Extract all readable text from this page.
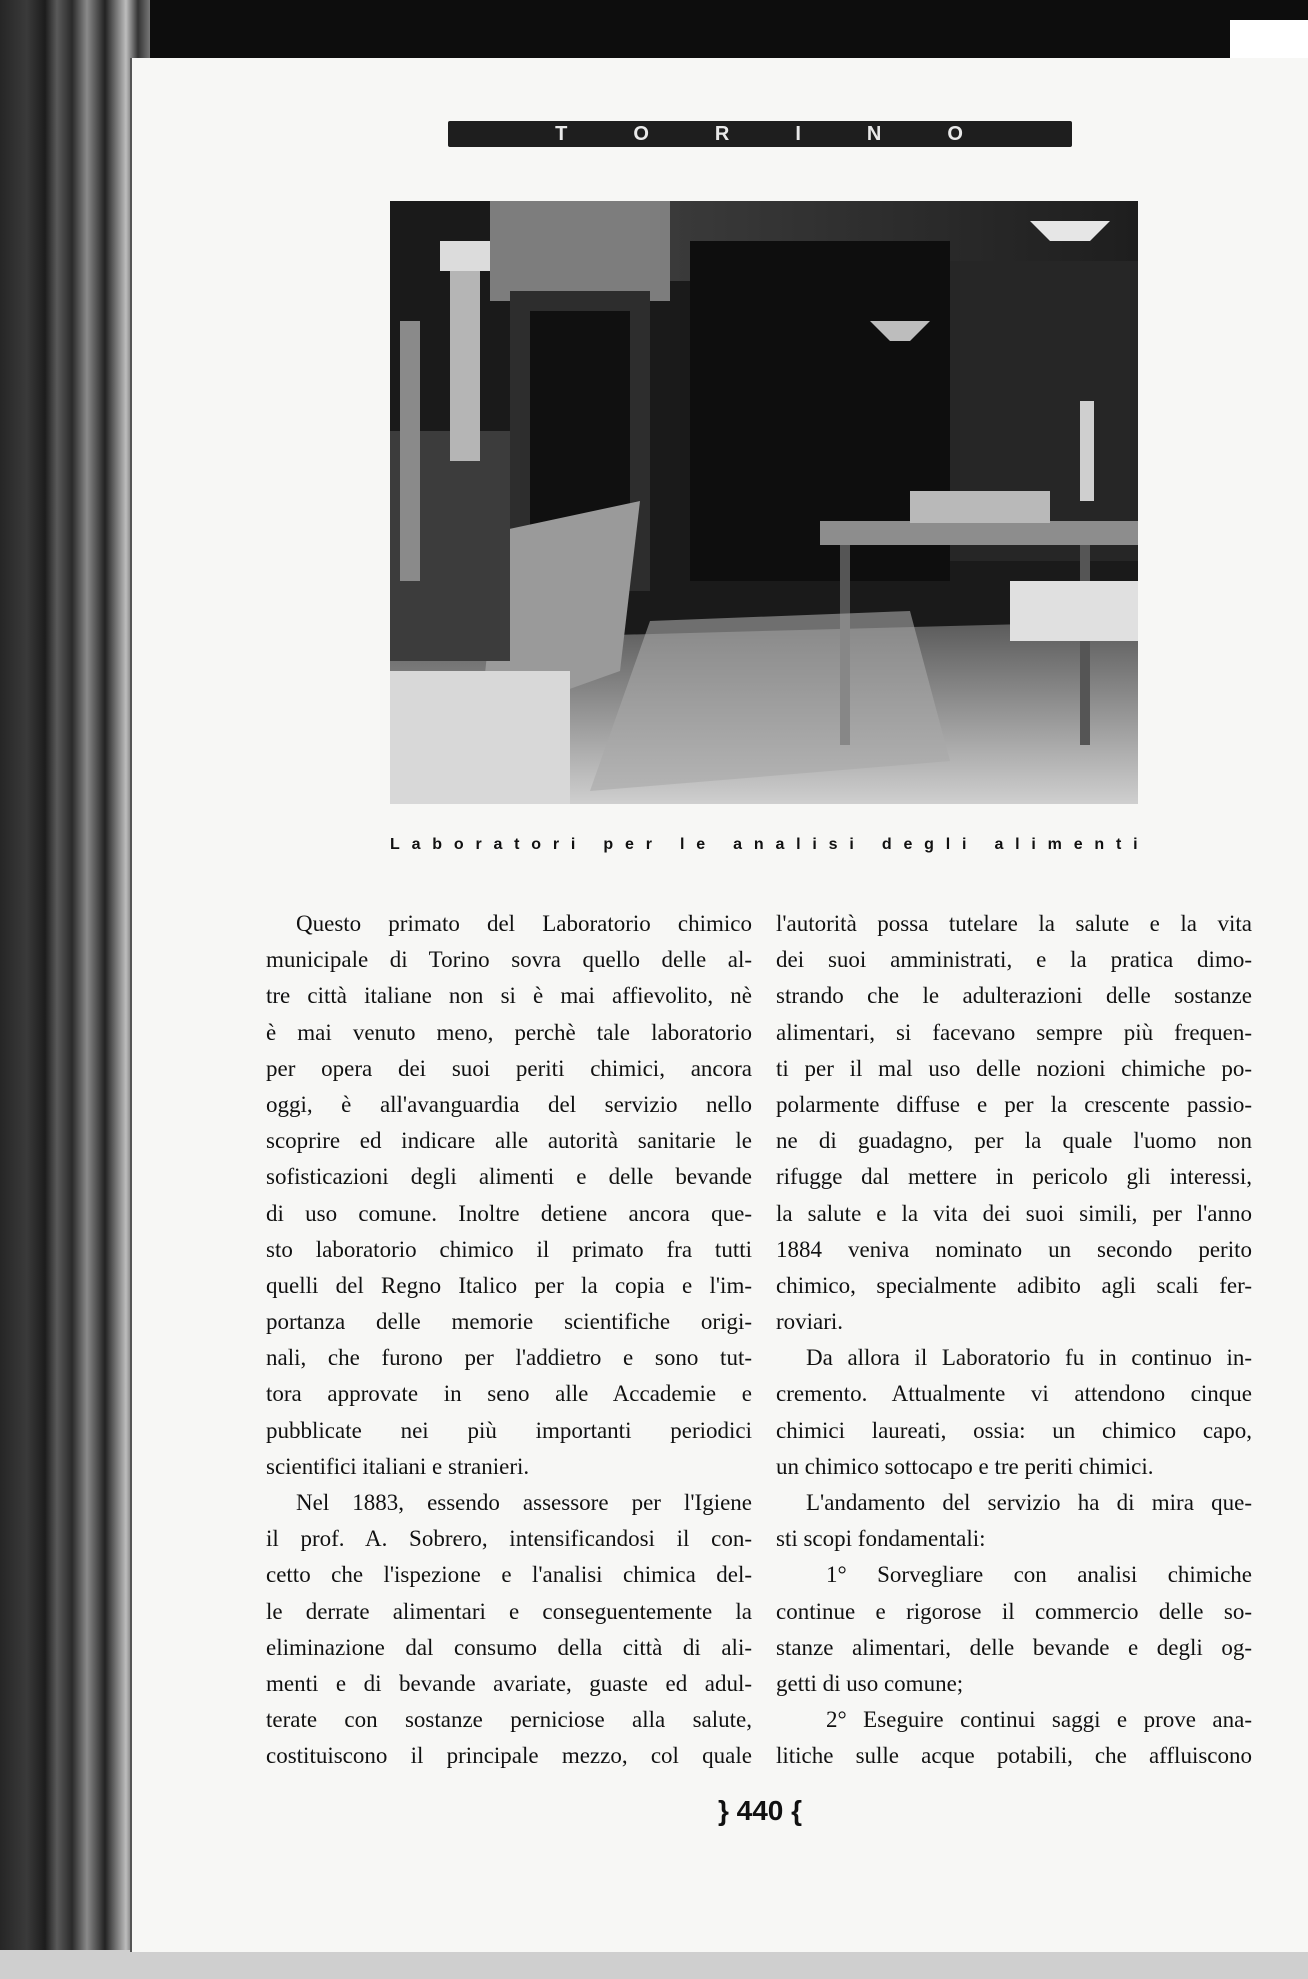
T	O	R	I	N	O
L a b o r a t o r i
p e r
l e
a n a l i s i
d e g l i
a l i m e n t i

Questo primato del Laboratorio chimico
municipale di Torino sovra quello delle al-
tre città italiane non si è mai affievolito, nè
è mai venuto meno, perchè tale laboratorio
per opera dei suoi periti chimici, ancora
oggi, è all'avanguardia del servizio nello
scoprire ed indicare alle autorità sanitarie le
sofisticazioni degli alimenti e delle bevande
di uso comune. Inoltre detiene ancora que-
sto laboratorio chimico il primato fra tutti
quelli del Regno Italico per la copia e l'im-
portanza delle memorie scientifiche origi-
nali, che furono per l'addietro e sono tut-
tora approvate in seno alle Accademie e
pubblicate nei più importanti periodici
scientifici italiani e stranieri.

Nel 1883, essendo assessore per l'Igiene
il prof. A. Sobrero, intensificandosi il con-
cetto che l'ispezione e l'analisi chimica del-
le derrate alimentari e conseguentemente la
eliminazione dal consumo della città di ali-
menti e di bevande avariate, guaste ed adul-
terate con sostanze perniciose alla salute,
costituiscono il principale mezzo, col quale

l'autorità possa tutelare la salute e la vita
dei suoi amministrati, e la pratica dimo-
strando che le adulterazioni delle sostanze
alimentari, si facevano sempre più frequen-
ti per il mal uso delle nozioni chimiche po-
polarmente diffuse e per la crescente passio-
ne di guadagno, per la quale l'uomo non
rifugge dal mettere in pericolo gli interessi,
la salute e la vita dei suoi simili, per l'anno
1884 veniva nominato un secondo perito
chimico, specialmente adibito agli scali fer-
roviari.

Da allora il Laboratorio fu in continuo in-
cremento. Attualmente vi attendono cinque
chimici laureati, ossia: un chimico capo,
un chimico sottocapo e tre periti chimici.

L'andamento del servizio ha di mira que-
sti scopi fondamentali:

1° Sorvegliare con analisi chimiche
continue e rigorose il commercio delle so-
stanze alimentari, delle bevande e degli og-
getti di uso comune;

2° Eseguire continui saggi e prove ana-
litiche sulle acque potabili, che affluiscono

} 440 {
